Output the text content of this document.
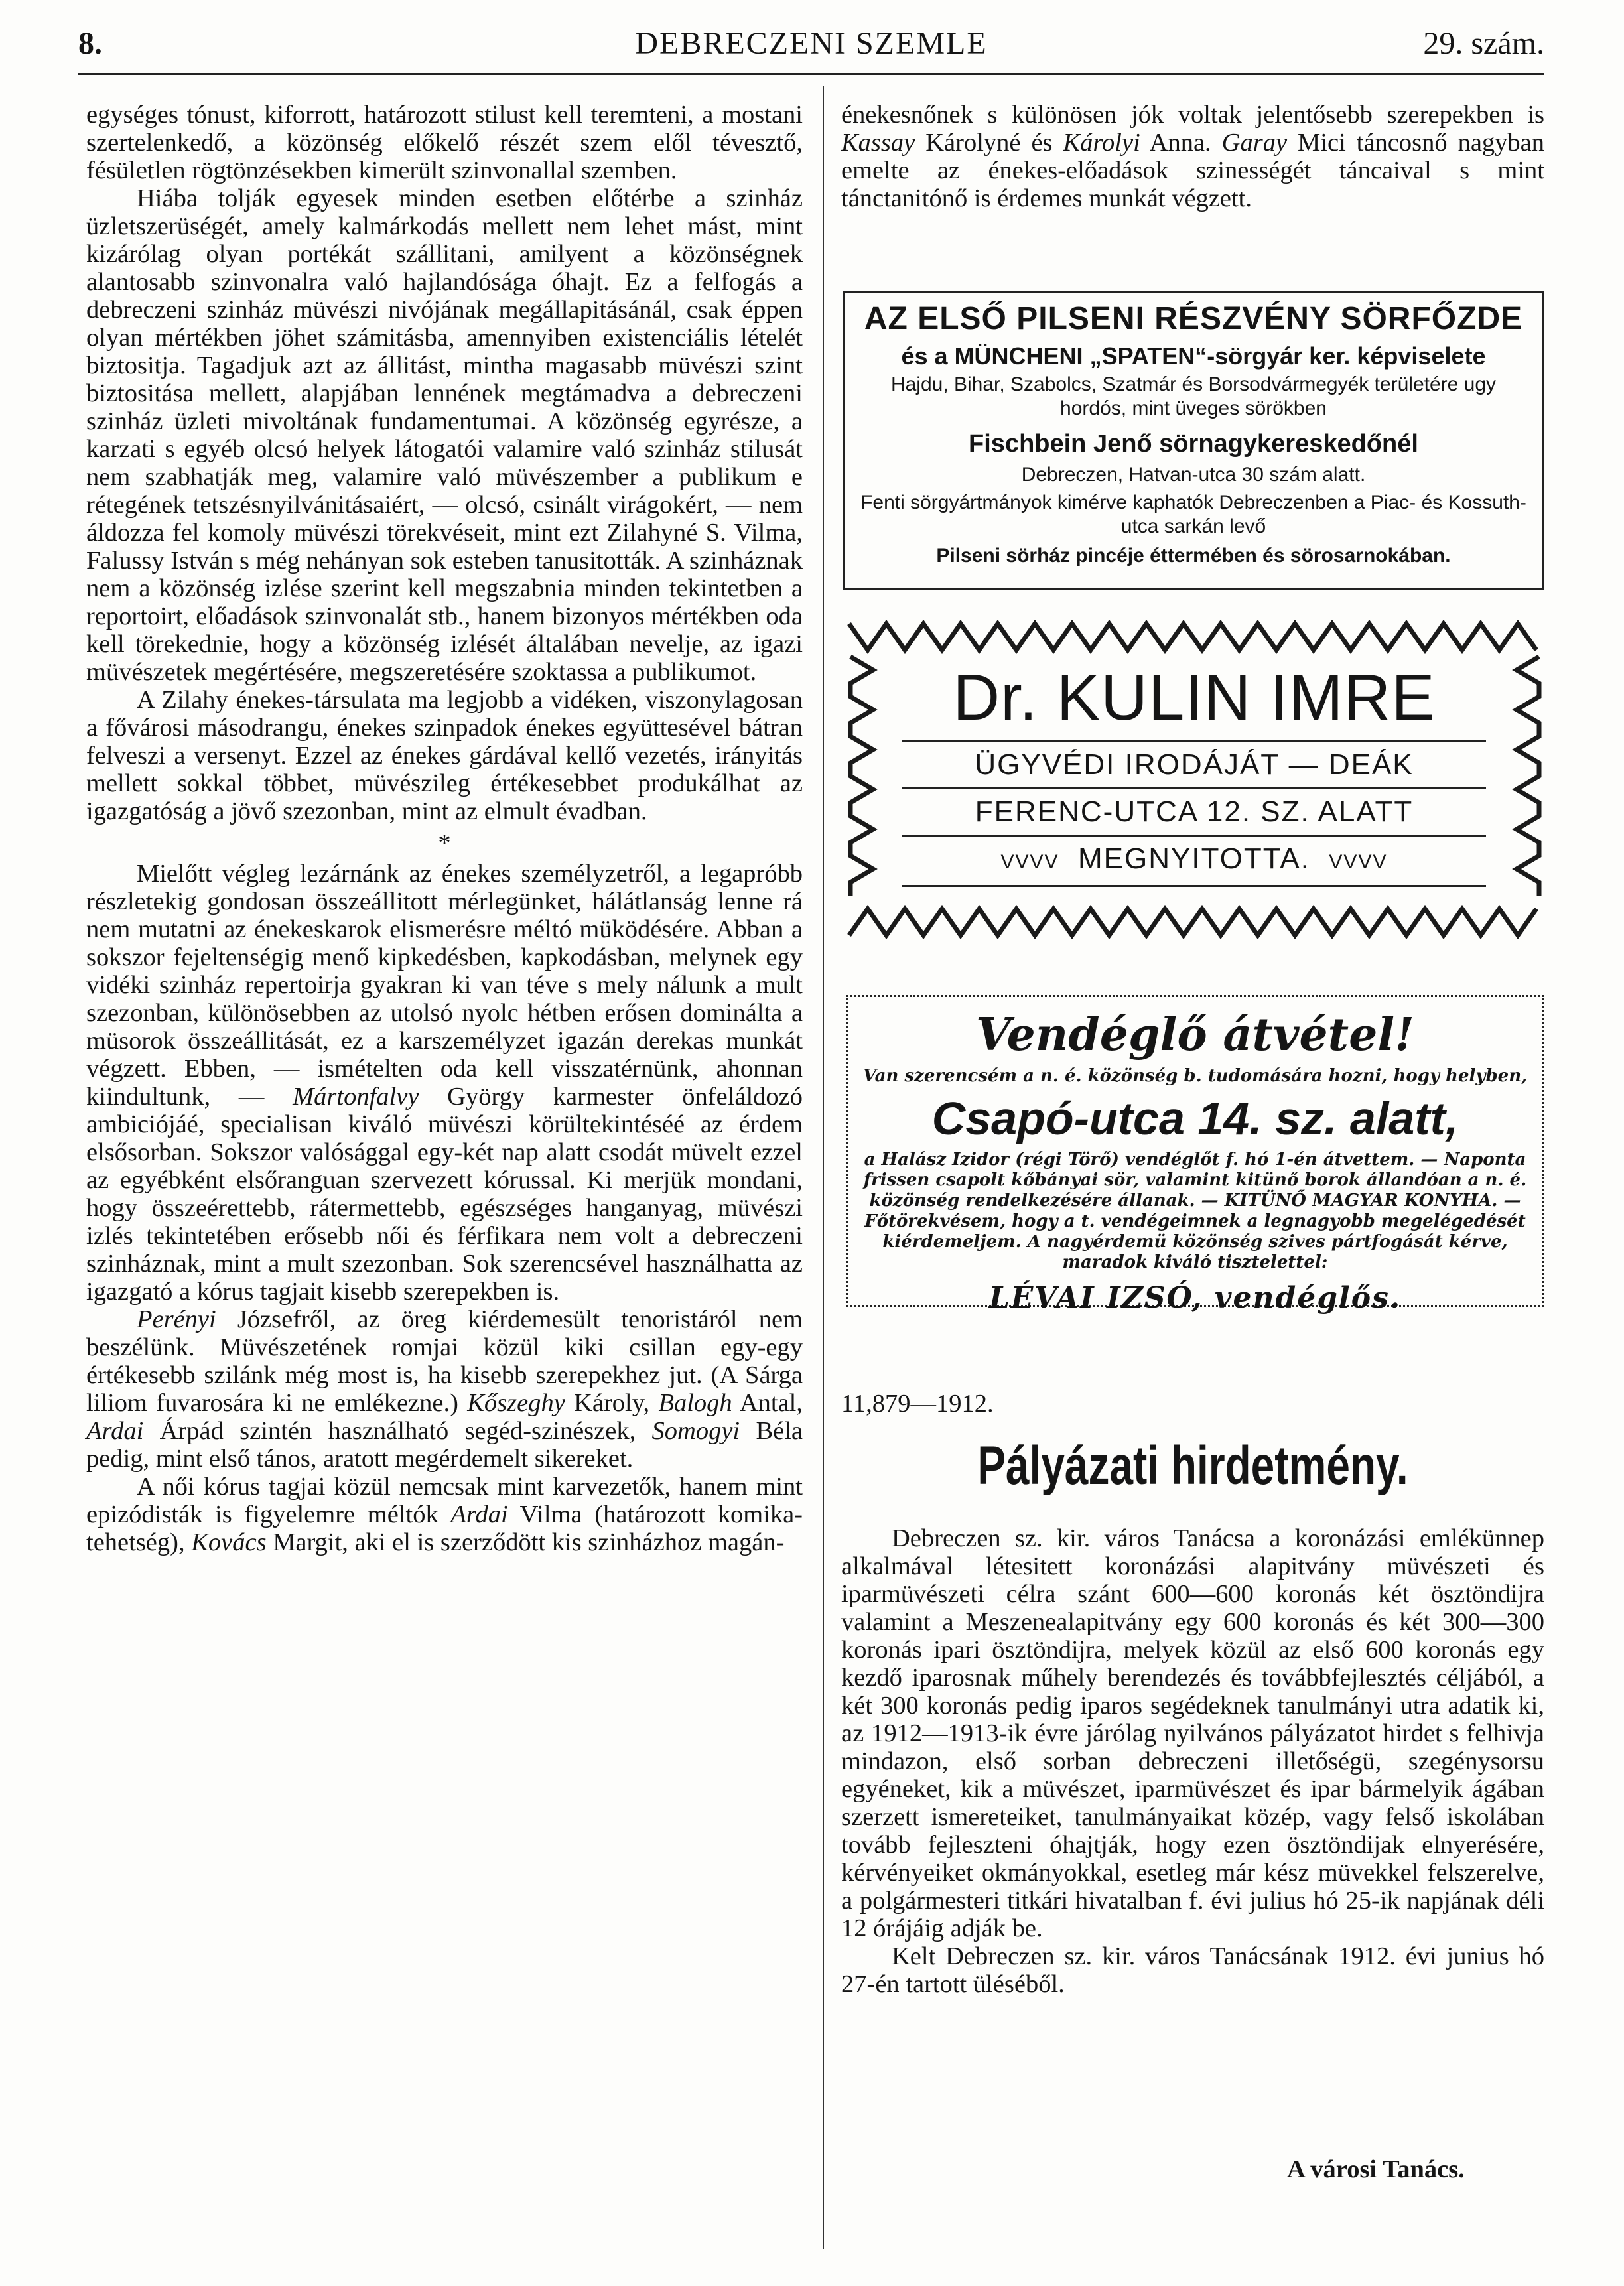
8.	DEBRECZENI SZEMLE	29. szám.

egységes tónust, kiforrott, határozott stilust kell teremteni, a mostani szertelenkedő, a közönség előkelő részét szem elől tévesztő, fésületlen rögtönzésekben kimerült szinvonallal szemben.

Hiába tolják egyesek minden esetben előtérbe a szinház üzletszerüségét, amely kalmárkodás mellett nem lehet mást, mint kizárólag olyan portékát szállitani, amilyent a közönségnek alantosabb szinvonalra való hajlandósága óhajt. Ez a felfogás a debreczeni szinház müvészi nivójának megállapitásánál, csak éppen olyan mértékben jöhet számitásba, amennyiben existenciális lételét biztositja. Tagadjuk azt az állitást, mintha magasabb müvészi szint biztositása mellett, alapjában lennének megtámadva a debreczeni szinház üzleti mivoltának fundamentumai. A közönség egyrésze, a karzati s egyéb olcsó helyek látogatói valamire való szinház stilusát nem szabhatják meg, valamire való müvészember a publikum e rétegének tetszésnyilvánitásaiért, — olcsó, csinált virágokért, — nem áldozza fel komoly müvészi törekvéseit, mint ezt Zilahyné S. Vilma, Falussy István s még nehányan sok esteben tanusitották. A szinháznak nem a közönség izlése szerint kell megszabnia minden tekintetben a reportoirt, előadások szinvonalát stb., hanem bizonyos mértékben oda kell törekednie, hogy a közönség izlését általában nevelje, az igazi müvészetek megértésére, megszeretésére szoktassa a publikumot.

A Zilahy énekes-társulata ma legjobb a vidéken, viszonylagosan a fővárosi másodrangu, énekes szinpadok énekes együttesével bátran felveszi a versenyt. Ezzel az énekes gárdával kellő vezetés, irányitás mellett sokkal többet, müvészileg értékesebbet produkálhat az igazgatóság a jövő szezonban, mint az elmult évadban.

*

Mielőtt végleg lezárnánk az énekes személyzetről, a legapróbb részletekig gondosan összeállitott mérlegünket, hálátlanság lenne rá nem mutatni az énekeskarok elismerésre méltó müködésére. Abban a sokszor fejeltenségig menő kipkedésben, kapkodásban, melynek egy vidéki szinház repertoirja gyakran ki van téve s mely nálunk a mult szezonban, különösebben az utolsó nyolc hétben erősen dominálta a müsorok összeállitását, ez a karszemélyzet igazán derekas munkát végzett. Ebben, — ismételten oda kell visszatérnünk, ahonnan kiindultunk, — Mártonfalvy György karmester önfeláldozó ambiciójáé, specialisan kiváló müvészi körültekintéséé az érdem elsősorban. Sokszor valósággal egy-két nap alatt csodát müvelt ezzel az egyébként elsőranguan szervezett kórussal. Ki merjük mondani, hogy összeérettebb, rátermettebb, egészséges hanganyag, müvészi izlés tekintetében erősebb női és férfikara nem volt a debreczeni szinháznak, mint a mult szezonban. Sok szerencsével használhatta az igazgató a kórus tagjait kisebb szerepekben is.

Perényi Józsefről, az öreg kiérdemesült tenoristáról nem beszélünk. Müvészetének romjai közül kiki csillan egy-egy értékesebb szilánk még most is, ha kisebb szerepekhez jut. (A Sárga liliom fuvarosára ki ne emlékezne.) Kőszeghy Károly, Balogh Antal, Ardai Árpád szintén használható segéd-szinészek, Somogyi Béla pedig, mint első tános, aratott megérdemelt sikereket.

A női kórus tagjai közül nemcsak mint karvezetők, hanem mint epizódisták is figyelemre méltók Ardai Vilma (határozott komika-tehetség), Kovács Margit, aki el is szerződött kis szinházhoz magán-

énekesnőnek s különösen jók voltak jelentősebb szerepekben is Kassay Károlyné és Károlyi Anna. Garay Mici táncosnő nagyban emelte az énekes-előadások szinességét táncaival s mint tánctanitónő is érdemes munkát végzett.

AZ ELSŐ PILSENI RÉSZVÉNY SÖRFŐZDE
és a MÜNCHENI „SPATEN“-sörgyár ker. képviselete
Hajdu, Bihar, Szabolcs, Szatmár és Borsodvármegyék területére ugy hordós, mint üveges sörökben
Fischbein Jenő sörnagykereskedőnél
Debreczen, Hatvan-utca 30 szám alatt.
Fenti sörgyártmányok kimérve kaphatók Debreczenben a Piac- és Kossuth-utca sarkán levő
Pilseni sörház pincéje éttermében és sörosarnokában.
Dr. KULIN IMRE
ÜGYVÉDI IRODÁJÁT — DEÁK
FERENC-UTCA 12. SZ. ALATT
VVVV MEGNYITOTTA. VVVV
Vendéglő átvétel!
Van szerencsém a n. é. közönség b. tudomására hozni, hogy helyben,
Csapó-utca 14. sz. alatt,
a Halász Izidor (régi Törő) vendéglőt f. hó 1-én átvettem. — Naponta frissen csapolt kőbányai sör, valamint kitünő borok állandóan a n. é. közönség rendelkezésére állanak. — KITÜNŐ MAGYAR KONYHA. — Főtörekvésem, hogy a t. vendégeimnek a legnagyobb megelégedését kiérdemeljem. A nagyérdemü közönség szives pártfogását kérve, maradok kiváló tisztelettel:
LÉVAI IZSÓ, vendéglős.
11,879—1912.
Pályázati hirdetmény.

Debreczen sz. kir. város Tanácsa a koronázási emlékünnep alkalmával létesitett koronázási alapitvány müvészeti és iparmüvészeti célra szánt 600—600 koronás két ösztöndijra valamint a Meszenealapitvány egy 600 koronás és két 300—300 koronás ipari ösztöndijra, melyek közül az első 600 koronás egy kezdő iparosnak műhely berendezés és továbbfejlesztés céljából, a két 300 koronás pedig iparos segédeknek tanulmányi utra adatik ki, az 1912—1913-ik évre járólag nyilvános pályázatot hirdet s felhivja mindazon, első sorban debreczeni illetőségü, szegénysorsu egyéneket, kik a müvészet, iparmüvészet és ipar bármelyik ágában szerzett ismereteiket, tanulmányaikat közép, vagy felső iskolában tovább fejleszteni óhajtják, hogy ezen ösztöndijak elnyerésére, kérvényeiket okmányokkal, esetleg már kész müvekkel felszerelve, a polgármesteri titkári hivatalban f. évi julius hó 25-ik napjának déli 12 órájáig adják be.

Kelt Debreczen sz. kir. város Tanácsának 1912. évi junius hó 27-én tartott üléséből.

A városi Tanács.
